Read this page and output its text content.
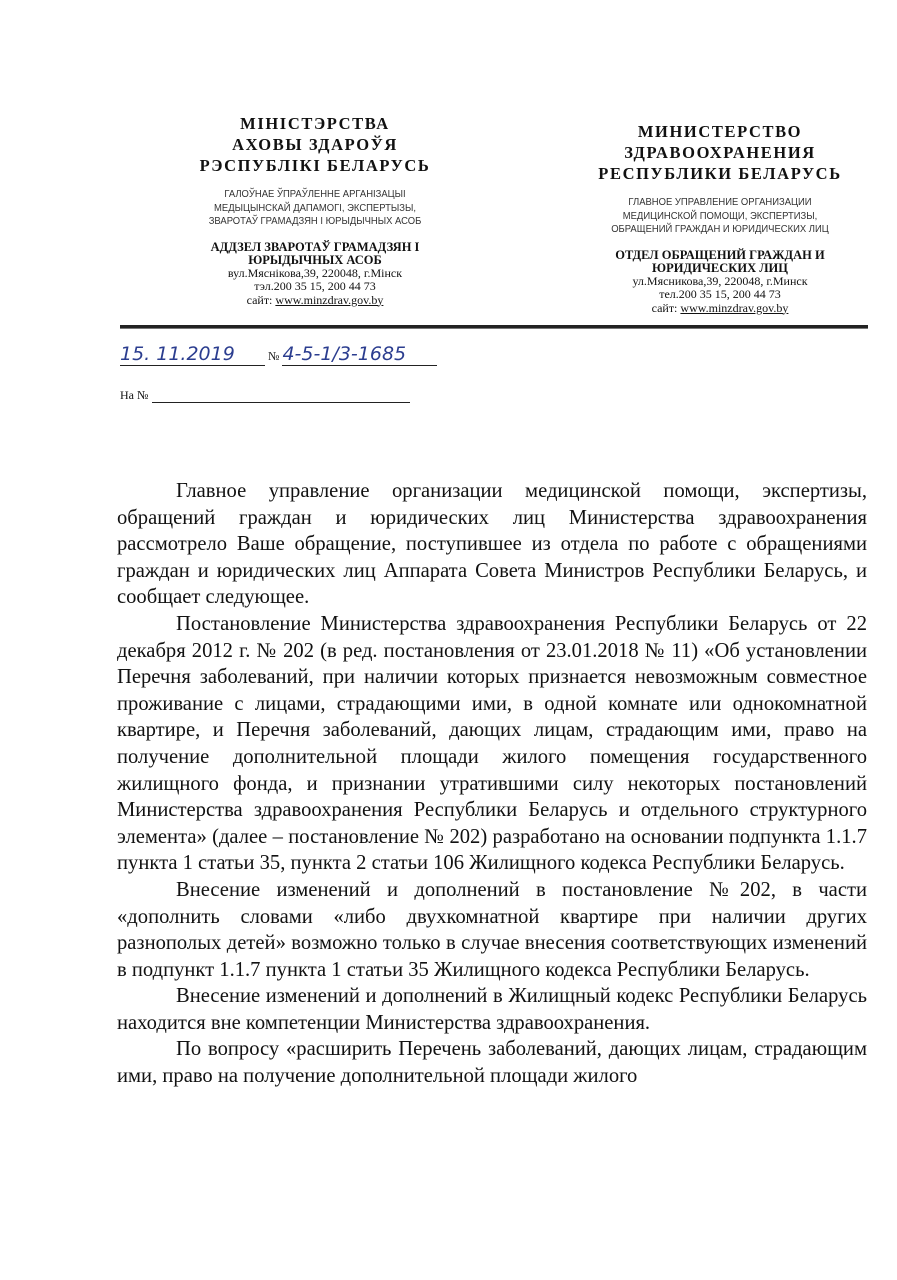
МІНІСТЭРСТВА
АХОВЫ ЗДАРОЎЯ
РЭСПУБЛІКІ БЕЛАРУСЬ
ГАЛОЎНАЕ ЎПРАЎЛЕННЕ АРГАНІЗАЦЫІ
МЕДЫЦЫНСКАЙ ДАПАМОГІ, ЭКСПЕРТЫЗЫ,
ЗВАРОТАЎ ГРАМАДЗЯН І ЮРЫДЫЧНЫХ АСОБ
АДДЗЕЛ ЗВАРОТАЎ ГРАМАДЗЯН І
ЮРЫДЫЧНЫХ АСОБ
вул.Мяснікова,39, 220048, г.Мінск
тэл.200 35 15, 200 44 73
сайт: www.minzdrav.gov.by
МИНИСТЕРСТВО
ЗДРАВООХРАНЕНИЯ
РЕСПУБЛИКИ БЕЛАРУСЬ
ГЛАВНОЕ УПРАВЛЕНИЕ ОРГАНИЗАЦИИ
МЕДИЦИНСКОЙ ПОМОЩИ, ЭКСПЕРТИЗЫ,
ОБРАЩЕНИЙ ГРАЖДАН И ЮРИДИЧЕСКИХ ЛИЦ
ОТДЕЛ ОБРАЩЕНИЙ ГРАЖДАН И
ЮРИДИЧЕСКИХ ЛИЦ
ул.Мясникова,39, 220048, г.Минск
тел.200 35 15, 200 44 73
сайт: www.minzdrav.gov.by
15. 11.2019	№ 4-5-1/3-1685
На №

Главное управление организации медицинской помощи, экспертизы, обращений граждан и юридических лиц Министерства здравоохранения рассмотрело Ваше обращение, поступившее из отдела по работе с обращениями граждан и юридических лиц Аппарата Совета Министров Республики Беларусь, и сообщает следующее.

Постановление Министерства здравоохранения Республики Беларусь от 22 декабря 2012 г. № 202 (в ред. постановления от 23.01.2018 № 11) «Об установлении Перечня заболеваний, при наличии которых признается невозможным совместное проживание с лицами, страдающими ими, в одной комнате или однокомнатной квартире, и Перечня заболеваний, дающих лицам, страдающим ими, право на получение дополнительной площади жилого помещения государственного жилищного фонда, и признании утратившими силу некоторых постановлений Министерства здравоохранения Республики Беларусь и отдельного структурного элемента» (далее – постановление № 202) разработано на основании подпункта 1.1.7 пункта 1 статьи 35, пункта 2 статьи 106 Жилищного кодекса Республики Беларусь.

Внесение изменений и дополнений в постановление №202, в части «дополнить словами «либо двухкомнатной квартире при наличии других разнополых детей» возможно только в случае внесения соответствующих изменений в подпункт 1.1.7 пункта 1 статьи 35 Жилищного кодекса Республики Беларусь.

Внесение изменений и дополнений в Жилищный кодекс Республики Беларусь находится вне компетенции Министерства здравоохранения.

По вопросу «расширить Перечень заболеваний, дающих лицам, страдающим ими, право на получение дополнительной площади жилого
